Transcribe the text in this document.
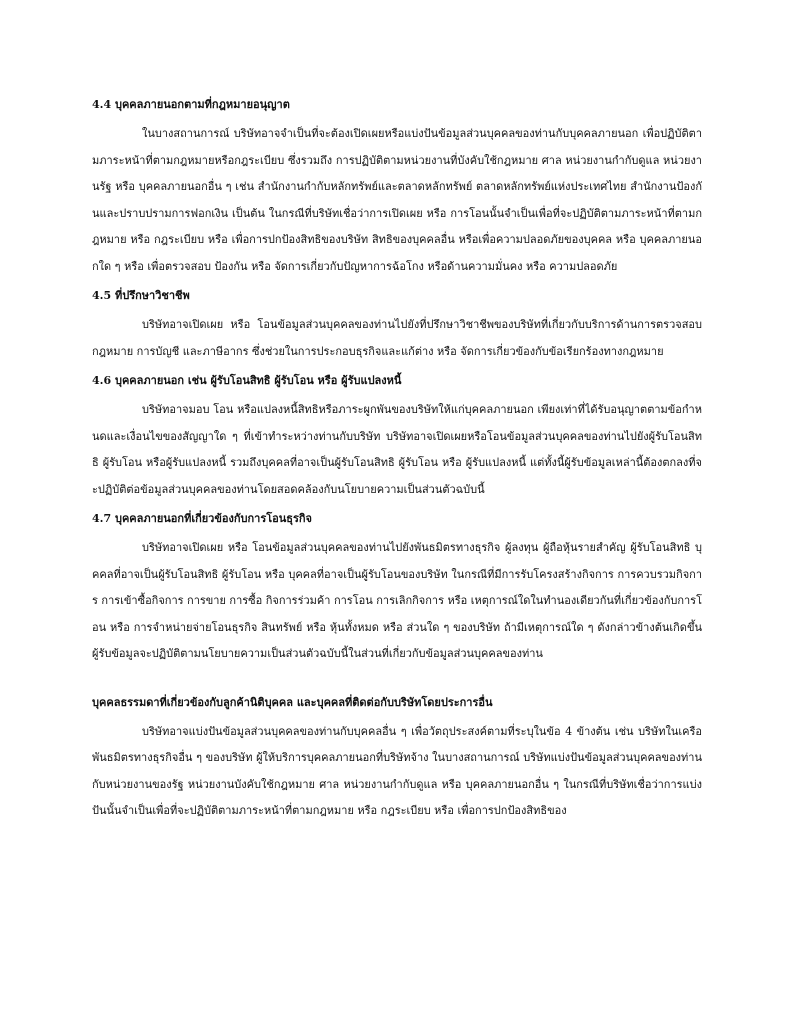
4.4 บุคคลภายนอกตามที่กฎหมายอนุญาต

ในบางสถานการณ์ บริษัทอาจจำเป็นที่จะต้องเปิดเผยหรือแบ่งปันข้อมูลส่วนบุคคลของท่านกับบุคคลภายนอก เพื่อปฏิบัติตามภาระหน้าที่ตามกฎหมายหรือกฎระเบียบ ซึ่งรวมถึง การปฏิบัติตามหน่วยงานที่บังคับใช้กฎหมาย ศาล หน่วยงานกำกับดูแล หน่วยงานรัฐ หรือ บุคคลภายนอกอื่น ๆ เช่น สำนักงานกำกับหลักทรัพย์และตลาดหลักทรัพย์ ตลาดหลักทรัพย์แห่งประเทศไทย สำนักงานป้องกันและปราบปรามการฟอกเงิน เป็นต้น ในกรณีที่บริษัทเชื่อว่าการเปิดเผย หรือ การโอนนั้นจำเป็นเพื่อที่จะปฏิบัติตามภาระหน้าที่ตามกฎหมาย หรือ กฎระเบียบ หรือ เพื่อการปกป้องสิทธิของบริษัท สิทธิของบุคคลอื่น หรือเพื่อความปลอดภัยของบุคคล หรือ บุคคลภายนอกใด ๆ หรือ เพื่อตรวจสอบ ป้องกัน หรือ จัดการเกี่ยวกับปัญหาการฉ้อโกง หรือด้านความมั่นคง หรือ ความปลอดภัย

4.5 ที่ปรึกษาวิชาชีพ

บริษัทอาจเปิดเผย หรือ โอนข้อมูลส่วนบุคคลของท่านไปยังที่ปรึกษาวิชาชีพของบริษัทที่เกี่ยวกับบริการด้านการตรวจสอบ กฎหมาย การบัญชี และภาษีอากร ซึ่งช่วยในการประกอบธุรกิจและแก้ต่าง หรือ จัดการเกี่ยวข้องกับข้อเรียกร้องทางกฎหมาย

4.6 บุคคลภายนอก เช่น ผู้รับโอนสิทธิ ผู้รับโอน หรือ ผู้รับแปลงหนี้

บริษัทอาจมอบ โอน หรือแปลงหนี้สิทธิหรือภาระผูกพันของบริษัทให้แก่บุคคลภายนอก เพียงเท่าที่ได้รับอนุญาตตามข้อกำหนดและเงื่อนไขของสัญญาใด ๆ ที่เข้าทำระหว่างท่านกับบริษัท บริษัทอาจเปิดเผยหรือโอนข้อมูลส่วนบุคคลของท่านไปยังผู้รับโอนสิทธิ ผู้รับโอน หรือผู้รับแปลงหนี้ รวมถึงบุคคลที่อาจเป็นผู้รับโอนสิทธิ ผู้รับโอน หรือ ผู้รับแปลงหนี้ แต่ทั้งนี้ผู้รับข้อมูลเหล่านี้ต้องตกลงที่จะปฏิบัติต่อข้อมูลส่วนบุคคลของท่านโดยสอดคล้องกับนโยบายความเป็นส่วนตัวฉบับนี้

4.7 บุคคลภายนอกที่เกี่ยวข้องกับการโอนธุรกิจ

บริษัทอาจเปิดเผย หรือ โอนข้อมูลส่วนบุคคลของท่านไปยังพันธมิตรทางธุรกิจ ผู้ลงทุน ผู้ถือหุ้นรายสำคัญ ผู้รับโอนสิทธิ บุคคลที่อาจเป็นผู้รับโอนสิทธิ ผู้รับโอน หรือ บุคคลที่อาจเป็นผู้รับโอนของบริษัท ในกรณีที่มีการรับโครงสร้างกิจการ การควบรวมกิจการ การเข้าซื้อกิจการ การขาย การซื้อ กิจการร่วมค้า การโอน การเลิกกิจการ หรือ เหตุการณ์ใดในทำนองเดียวกันที่เกี่ยวข้องกับการโอน หรือ การจำหน่ายจ่ายโอนธุรกิจ สินทรัพย์ หรือ หุ้นทั้งหมด หรือ ส่วนใด ๆ ของบริษัท ถ้ามีเหตุการณ์ใด ๆ ดังกล่าวข้างต้นเกิดขึ้น ผู้รับข้อมูลจะปฏิบัติตามนโยบายความเป็นส่วนตัวฉบับนี้ในส่วนที่เกี่ยวกับข้อมูลส่วนบุคคลของท่าน

บุคคลธรรมดาที่เกี่ยวข้องกับลูกค้านิติบุคคล และบุคคลที่ติดต่อกับบริษัทโดยประการอื่น

บริษัทอาจแบ่งปันข้อมูลส่วนบุคคลของท่านกับบุคคลอื่น ๆ เพื่อวัตถุประสงค์ตามที่ระบุในข้อ 4 ข้างต้น เช่น บริษัทในเครือ พันธมิตรทางธุรกิจอื่น ๆ ของบริษัท ผู้ให้บริการบุคคลภายนอกที่บริษัทจ้าง ในบางสถานการณ์ บริษัทแบ่งปันข้อมูลส่วนบุคคลของท่านกับหน่วยงานของรัฐ หน่วยงานบังคับใช้กฎหมาย ศาล หน่วยงานกำกับดูแล หรือ บุคคลภายนอกอื่น ๆ ในกรณีที่บริษัทเชื่อว่าการแบ่งปันนั้นจำเป็นเพื่อที่จะปฏิบัติตามภาระหน้าที่ตามกฎหมาย หรือ กฎระเบียบ หรือ เพื่อการปกป้องสิทธิของ
